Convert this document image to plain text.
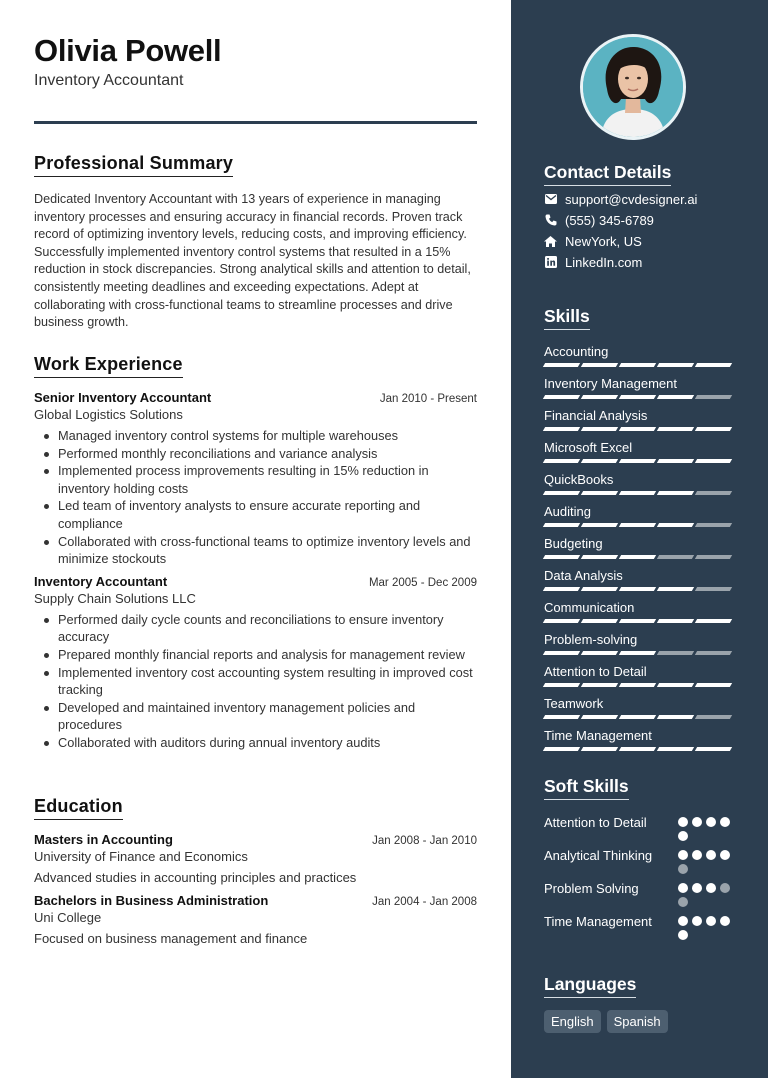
Olivia Powell
Inventory Accountant
Professional Summary

Dedicated Inventory Accountant with 13 years of experience in managing inventory processes and ensuring accuracy in financial records. Proven track record of optimizing inventory levels, reducing costs, and improving efficiency. Successfully implemented inventory control systems that resulted in a 15% reduction in stock discrepancies. Strong analytical skills and attention to detail, consistently meeting deadlines and exceeding expectations. Adept at collaborating with cross-functional teams to streamline processes and drive business growth.

Work Experience
Senior Inventory Accountant	Jan 2010 - Present
Global Logistics Solutions
Managed inventory control systems for multiple warehouses
Performed monthly reconciliations and variance analysis
Implemented process improvements resulting in 15% reduction in inventory holding costs
Led team of inventory analysts to ensure accurate reporting and compliance
Collaborated with cross-functional teams to optimize inventory levels and minimize stockouts
Inventory Accountant	Mar 2005 - Dec 2009
Supply Chain Solutions LLC
Performed daily cycle counts and reconciliations to ensure inventory accuracy
Prepared monthly financial reports and analysis for management review
Implemented inventory cost accounting system resulting in improved cost tracking
Developed and maintained inventory management policies and procedures
Collaborated with auditors during annual inventory audits
Education
Masters in Accounting	Jan 2008 - Jan 2010
University of Finance and Economics
Advanced studies in accounting principles and practices
Bachelors in Business Administration	Jan 2004 - Jan 2008
Uni College
Focused on business management and finance
Contact Details
support@cvdesigner.ai
(555) 345-6789
NewYork, US
LinkedIn.com
Skills
Accounting
Inventory Management
Financial Analysis
Microsoft Excel
QuickBooks
Auditing
Budgeting
Data Analysis
Communication
Problem-solving
Attention to Detail
Teamwork
Time Management
Soft Skills
Attention to Detail
Analytical Thinking
Problem Solving
Time Management
Languages
English	Spanish
